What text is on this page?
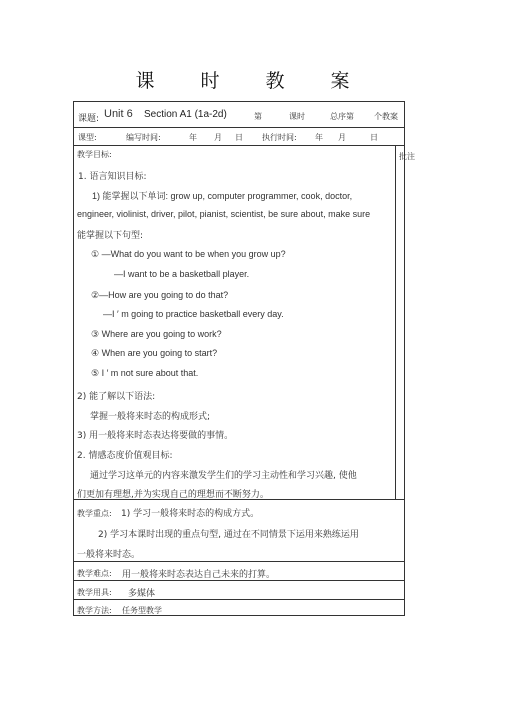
课 时 教 案
课题: Unit 6 Section A1 (1a-2d)	第	课时	总序第	个教案
课型:	编写时间:	年 月 日 执行时间: 年 月	日
教学目标:	批注
1. 语言知识目标:
1) 能掌握以下单词: grow up, computer programmer, cook, doctor,
engineer, violinist, driver, pilot, pianist, scientist, be sure about, make sure
能掌握以下句型:
① —What do you want to be when you grow up?
—I want to be a basketball player.
②—How are you going to do that?
—I ′ m going to practice basketball every day.
③ Where are you going to work?
④ When are you going to start?
⑤ I ′ m not sure about that.
2) 能了解以下语法:
掌握一般将来时态的构成形式;
3) 用一般将来时态表达将要做的事情。
2. 情感态度价值观目标:
通过学习这单元的内容来激发学生们的学习主动性和学习兴趣, 使他
们更加有理想,并为实现自己的理想而不断努力。
教学重点: 1) 学习一般将来时态的构成方式。
2) 学习本课时出现的重点句型, 通过在不同情景下运用来熟练运用
一般将来时态。
教学难点: 用一般将来时态表达自己未来的打算。
教学用具: 多媒体
教学方法: 任务型教学
